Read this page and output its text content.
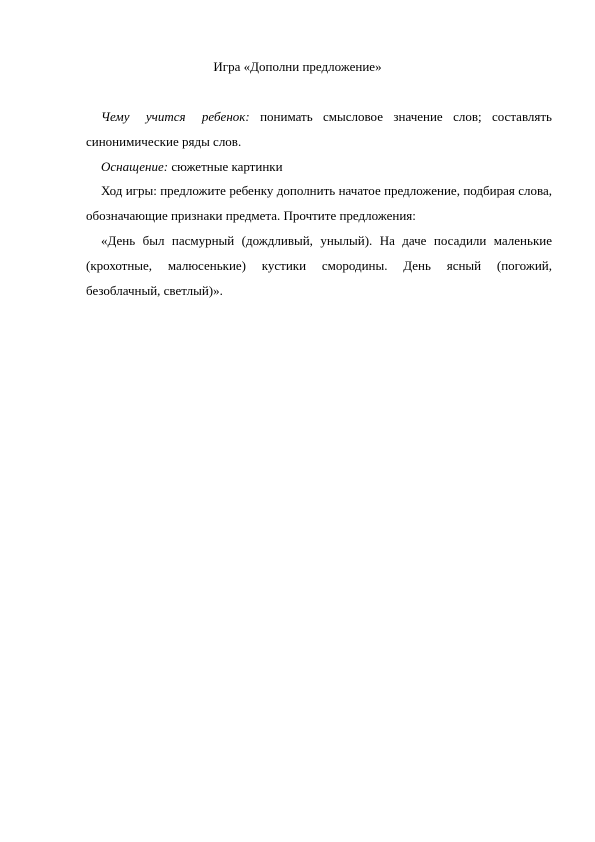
Игра «Дополни предложение»

Чему учится ребенок: понимать смысловое значение слов; составлять синонимические ряды слов.

Оснащение: сюжетные картинки

Ход игры: предложите ребенку дополнить начатое предложение, подбирая слова, обозначающие признаки предмета. Прочтите предложения:

«День был пасмурный (дождливый, унылый). На даче посадили маленькие (крохотные, малюсенькие) кустики смородины. День ясный (погожий, безоблачный, светлый)».
